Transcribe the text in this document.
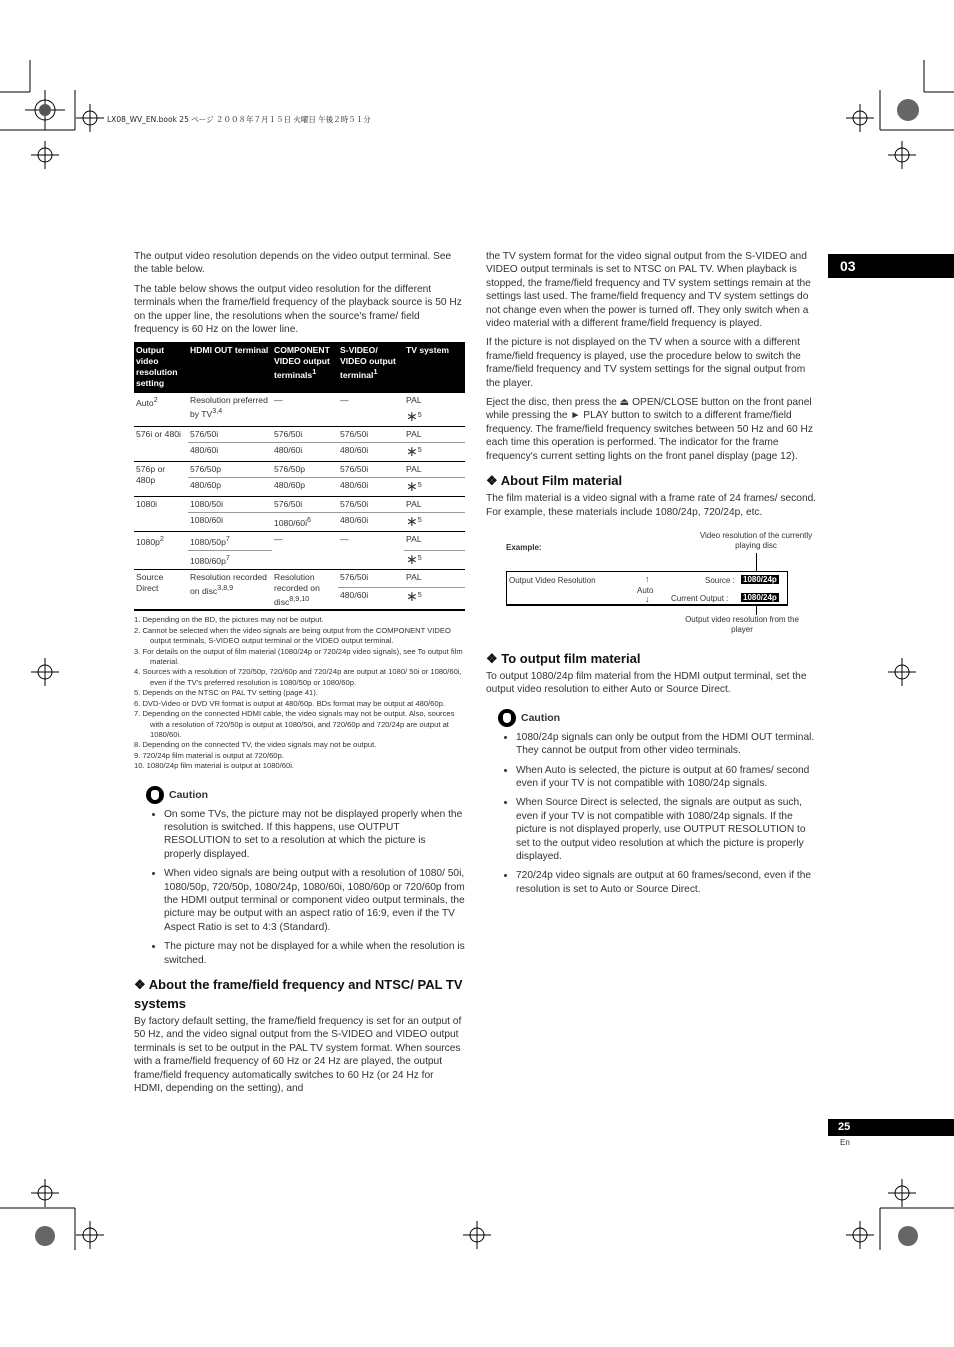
LX08_WV_EN.book 25 ページ ２００８年７月１５日 火曜日 午後２時５１分
03
25
En

The output video resolution depends on the video output terminal. See the table below.

The table below shows the output video resolution for the different terminals when the frame/field frequency of the playback source is 50 Hz on the upper line, the resolutions when the source's frame/ field frequency is 60 Hz on the lower line.

Output video resolution setting	HDMI OUT terminal	COMPONENT VIDEO output terminals$^1$	S-VIDEO/ VIDEO output terminal$^1$	TV system
Auto$^2$	Resolution preferred by TV$^{3,4}$	—	—	PAL
				∗$^5$
576i or 480i	576/50i	576/50i	576/50i	PAL
	480/60i	480/60i	480/60i	∗$^5$
576p or 480p	576/50p	576/50p	576/50i	PAL
	480/60p	480/60p	480/60i	∗$^5$
1080i	1080/50i	576/50i	576/50i	PAL
	1080/60i	$1080/60i^6$	480/60i	∗$^5$
$1080p^2$	$1080/50p^7$	—	—	PAL
	$1080/60p^7$			∗$^5$
Source Direct	Resolution recorded on disc$^{3,8,9}$	Resolution recorded on disc$^{8,9,10}$	576/50i	PAL
			480/60i	∗$^5$
1. Depending on the BD, the pictures may not be output.
2. Cannot be selected when the video signals are being output from the COMPONENT VIDEO output terminals, S-VIDEO output terminal or the VIDEO output terminal.
3. For details on the output of film material (1080/24p or 720/24p video signals), see To output film material.
4. Sources with a resolution of 720/50p, 720/60p and 720/24p are output at 1080/ 50i or 1080/60i, even if the TV's preferred resolution is 1080/50p or 1080/60p.
5. Depends on the NTSC on PAL TV setting (page 41).
6. DVD-Video or DVD VR format is output at 480/60p. BDs format may be output at 480/60p.
7. Depending on the connected HDMI cable, the video signals may not be output. Also, sources with a resolution of 720/50p is output at 1080/50i, and 720/60p and 720/24p are output at 1080/60i.
8. Depending on the connected TV, the video signals may not be output.
9. 720/24p film material is output at 720/60p.
10. 1080/24p film material is output at 1080/60i.
Caution
• On some TVs, the picture may not be displayed properly when the resolution is switched. If this happens, use OUTPUT RESOLUTION to set to a resolution at which the picture is properly displayed.
• When video signals are being output with a resolution of 1080/ 50i, 1080/50p, 720/50p, 1080/24p, 1080/60i, 1080/60p or 720/60p from the HDMI output terminal or component video output terminals, the picture may be output with an aspect ratio of 16:9, even if the TV Aspect Ratio is set to 4:3 (Standard).
• The picture may not be displayed for a while when the resolution is switched.
❖ About the frame/field frequency and NTSC/ PAL TV systems

By factory default setting, the frame/field frequency is set for an output of 50 Hz, and the video signal output from the S-VIDEO and VIDEO output terminals is set to be output in the PAL TV system format. When sources with a frame/field frequency of 60 Hz or 24 Hz are played, the output frame/field frequency automatically switches to 60 Hz (or 24 Hz for HDMI, depending on the setting), and

the TV system format for the video signal output from the S-VIDEO and VIDEO output terminals is set to NTSC on PAL TV. When playback is stopped, the frame/field frequency and TV system settings remain at the settings last used. The frame/field frequency and TV system settings do not change even when the power is turned off. They only switch when a video material with a different frame/field frequency is played.

If the picture is not displayed on the TV when a source with a different frame/field frequency is played, use the procedure below to switch the frame/field frequency and TV system settings for the signal output from the player.

Eject the disc, then press the ⏏ OPEN/CLOSE button on the front panel while pressing the ► PLAY button to switch to a different frame/field frequency. The frame/field frequency switches between 50 Hz and 60 Hz each time this operation is performed. The indicator for the frame frequency's current setting lights on the front panel display (page 12).

❖ About Film material

The film material is a video signal with a frame rate of 24 frames/ second. For example, these materials include 1080/24p, 720/24p, etc.

Example:
Video resolution of the currently playing disc
Output Video Resolution	↑
Auto
↓
Source : 1080/24p
Current Output : 1080/24p
Output video resolution from the player
❖ To output film material

To output 1080/24p film material from the HDMI output terminal, set the output video resolution to either Auto or Source Direct.

Caution
• 1080/24p signals can only be output from the HDMI OUT terminal. They cannot be output from other video terminals.
• When Auto is selected, the picture is output at 60 frames/ second even if your TV is not compatible with 1080/24p signals.
• When Source Direct is selected, the signals are output as such, even if your TV is not compatible with 1080/24p signals. If the picture is not displayed properly, use OUTPUT RESOLUTION to set to the output video resolution at which the picture is properly displayed.
• 720/24p video signals are output at 60 frames/second, even if the resolution is set to Auto or Source Direct.
